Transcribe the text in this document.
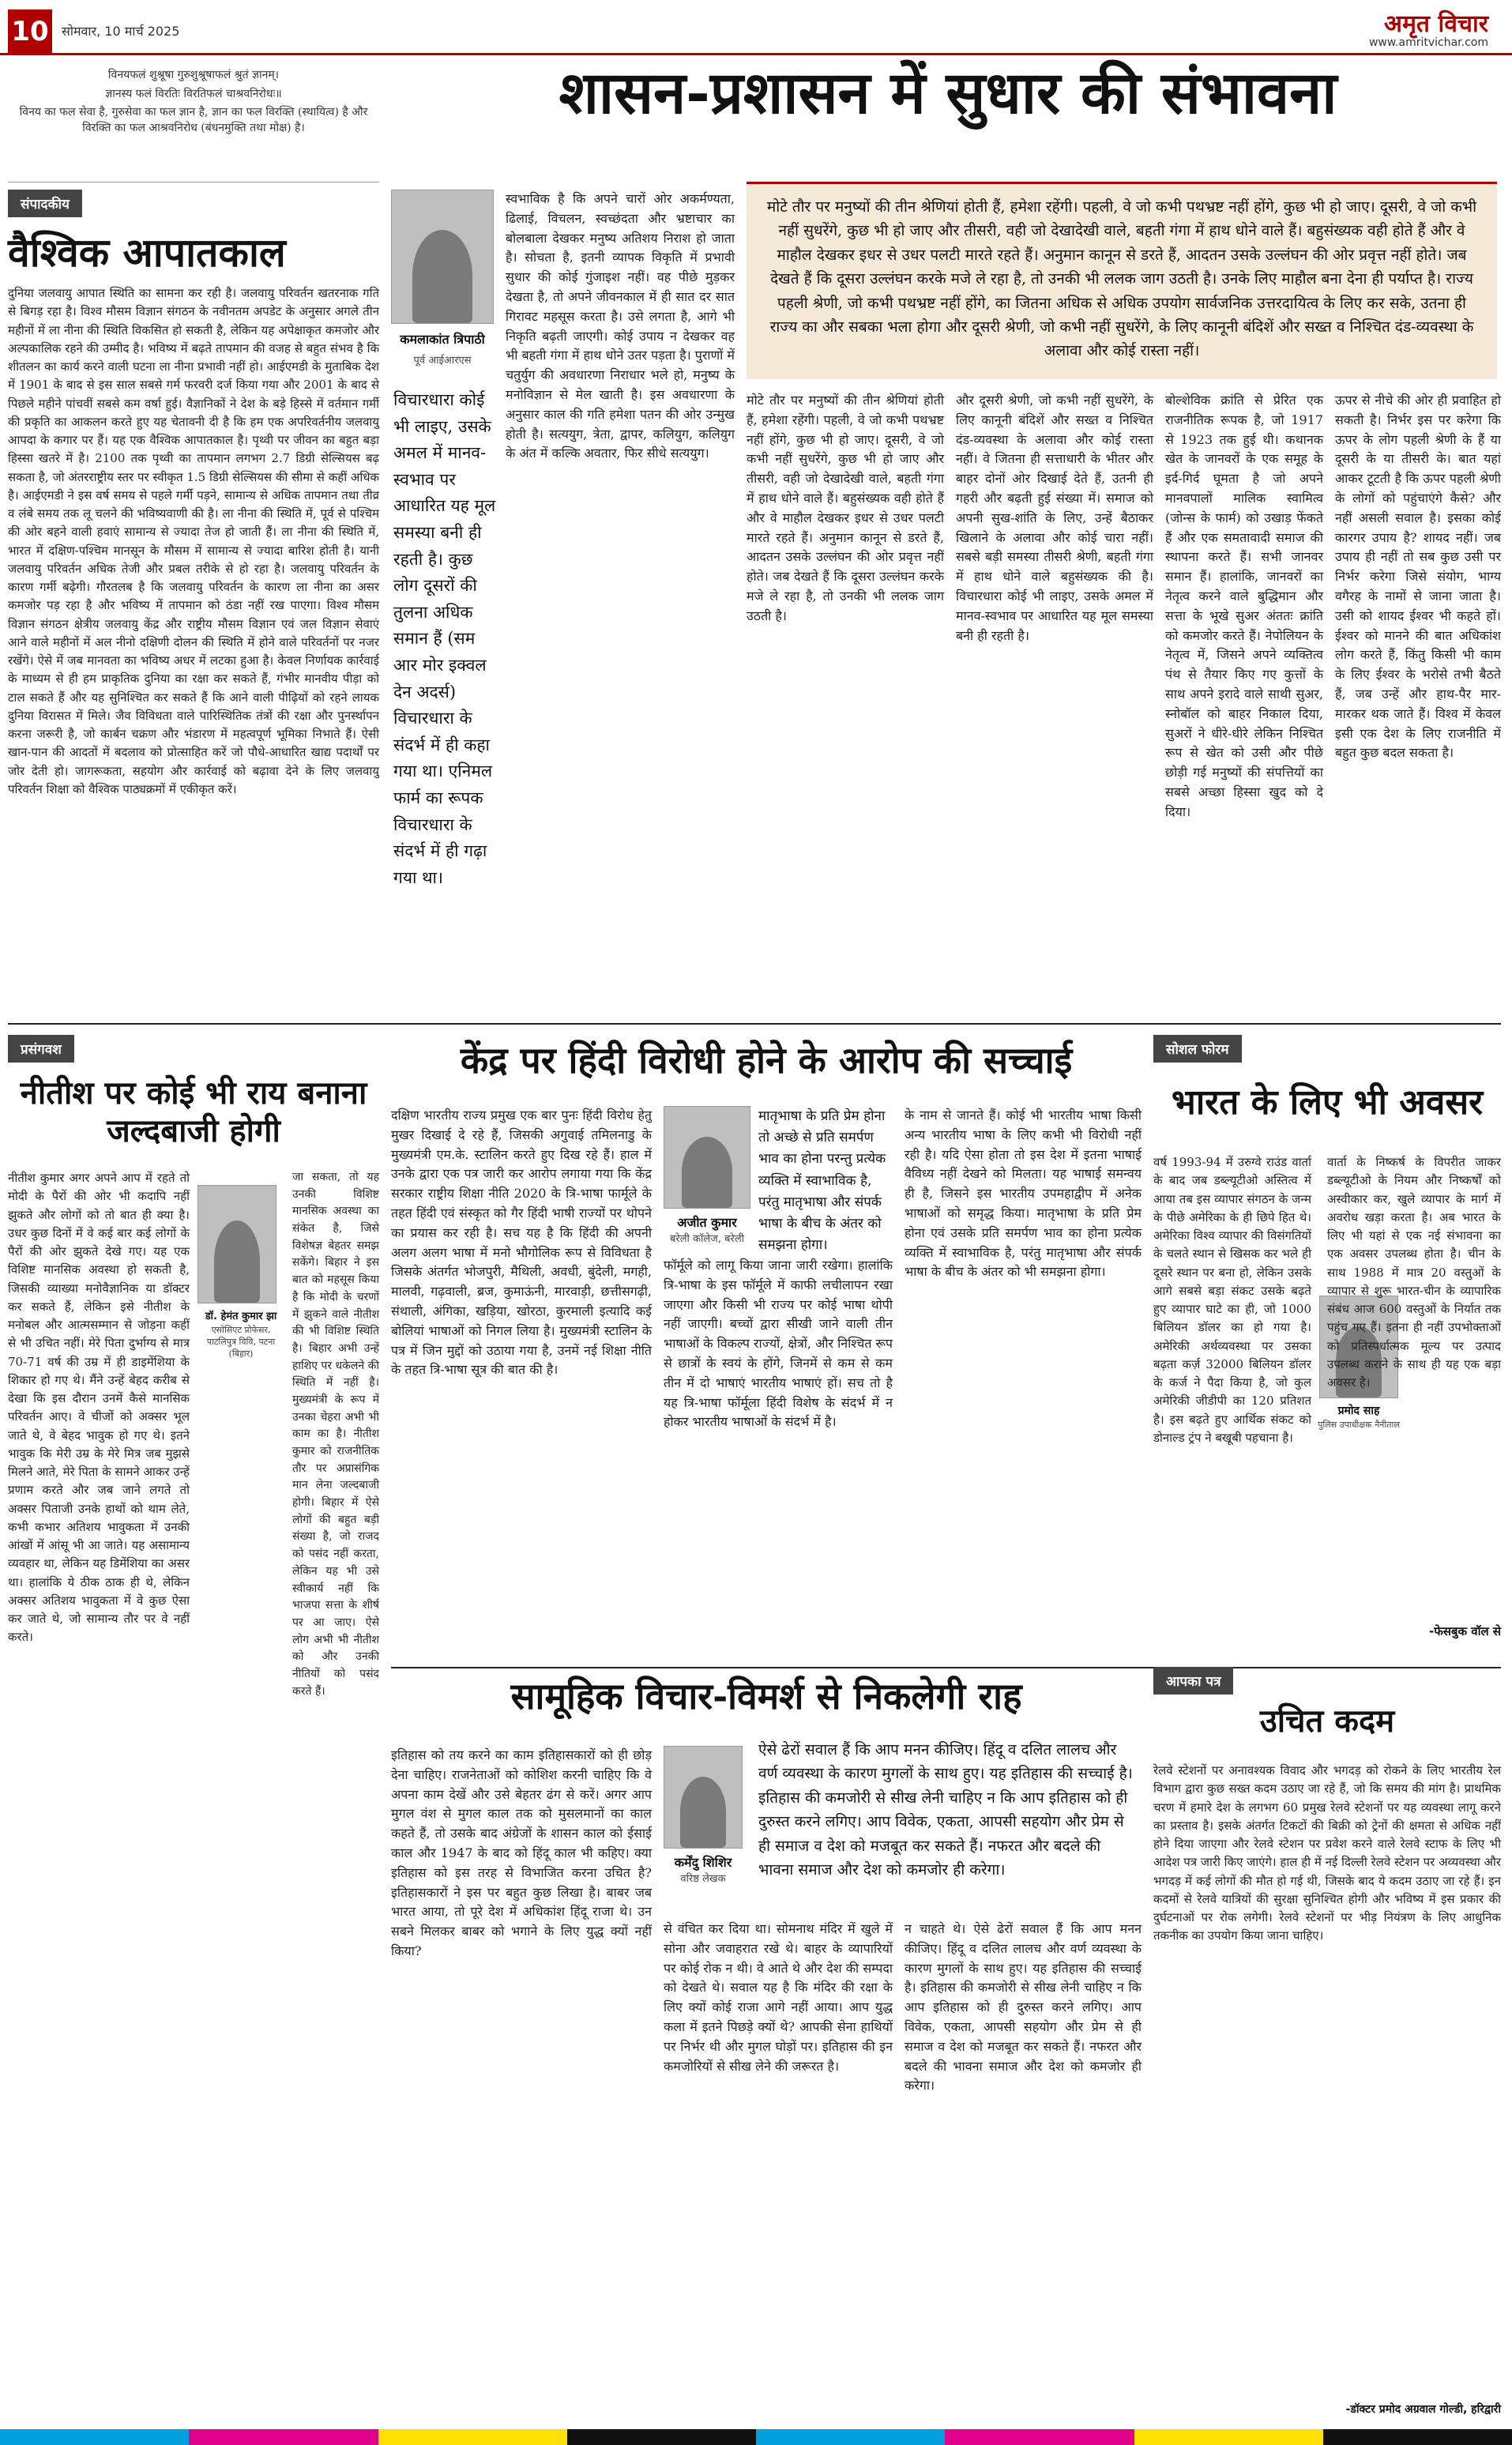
10 सोमवार, 10 मार्च 2025	अमृत विचार
www.amritvichar.com

विनयफलं शुश्रूषा गुरुशुश्रूषाफलं श्रुतं ज्ञानम्।

ज्ञानस्य फलं विरतिः विरतिफलं चाश्रवनिरोधः॥

विनय का फल सेवा है, गुरुसेवा का फल ज्ञान है, ज्ञान का फल विरक्ति (स्थायित्व) है और विरक्ति का फल आश्रवनिरोध (बंधनमुक्ति तथा मोक्ष) है।

शासन-प्रशासन में सुधार की संभावना
संपादकीय
वैश्विक आपातकाल
दुनिया जलवायु आपात स्थिति का सामना कर रही है। जलवायु परिवर्तन खतरनाक गति से बिगड़ रहा है। विश्व मौसम विज्ञान संगठन के नवीनतम अपडेट के अनुसार अगले तीन महीनों में ला नीना की स्थिति विकसित हो सकती है, लेकिन यह अपेक्षाकृत कमजोर और अल्पकालिक रहने की उम्मीद है। भविष्य में बढ़ते तापमान की वजह से बहुत संभव है कि शीतलन का कार्य करने वाली घटना ला नीना प्रभावी नहीं हो। आईएमडी के मुताबिक देश में 1901 के बाद से इस साल सबसे गर्म फरवरी दर्ज किया गया और 2001 के बाद से पिछले महीने पांचवीं सबसे कम वर्षा हुई। वैज्ञानिकों ने देश के बड़े हिस्से में वर्तमान गर्मी की प्रकृति का आकलन करते हुए यह चेतावनी दी है कि हम एक अपरिवर्तनीय जलवायु आपदा के कगार पर हैं। यह एक वैश्विक आपातकाल है। पृथ्वी पर जीवन का बहुत बड़ा हिस्सा खतरे में है। 2100 तक पृथ्वी का तापमान लगभग 2.7 डिग्री सेल्सियस बढ़ सकता है, जो अंतरराष्ट्रीय स्तर पर स्वीकृत 1.5 डिग्री सेल्सियस की सीमा से कहीं अधिक है। आईएमडी ने इस वर्ष समय से पहले गर्मी पड़ने, सामान्य से अधिक तापमान तथा तीव्र व लंबे समय तक लू चलने की भविष्यवाणी की है। ला नीना की स्थिति में, पूर्व से पश्चिम की ओर बहने वाली हवाएं सामान्य से ज्यादा तेज हो जाती हैं। ला नीना की स्थिति में, भारत में दक्षिण-पश्चिम मानसून के मौसम में सामान्य से ज्यादा बारिश होती है। यानी जलवायु परिवर्तन अधिक तेजी और प्रबल तरीके से हो रहा है। जलवायु परिवर्तन के कारण गर्मी बढ़ेगी। गौरतलब है कि जलवायु परिवर्तन के कारण ला नीना का असर कमजोर पड़ रहा है और भविष्य में तापमान को ठंडा नहीं रख पाएगा। विश्व मौसम विज्ञान संगठन क्षेत्रीय जलवायु केंद्र और राष्ट्रीय मौसम विज्ञान एवं जल विज्ञान सेवाएं आने वाले महीनों में अल नीनो दक्षिणी दोलन की स्थिति में होने वाले परिवर्तनों पर नजर रखेंगे। ऐसे में जब मानवता का भविष्य अधर में लटका हुआ है। केवल निर्णायक कार्रवाई के माध्यम से ही हम प्राकृतिक दुनिया का रक्षा कर सकते हैं, गंभीर मानवीय पीड़ा को टाल सकते हैं और यह सुनिश्चित कर सकते हैं कि आने वाली पीढ़ियों को रहने लायक दुनिया विरासत में मिले। जैव विविधता वाले पारिस्थितिक तंत्रों की रक्षा और पुनर्स्थापन करना जरूरी है, जो कार्बन चक्रण और भंडारण में महत्वपूर्ण भूमिका निभाते हैं। ऐसी खान-पान की आदतों में बदलाव को प्रोत्साहित करें जो पौधे-आधारित खाद्य पदार्थों पर जोर देती हो। जागरूकता, सहयोग और कार्रवाई को बढ़ावा देने के लिए जलवायु परिवर्तन शिक्षा को वैश्विक पाठ्यक्रमों में एकीकृत करें।
कमलाकांत त्रिपाठी
पूर्व आईआरएस
विचारधारा कोई भी लाइए, उसके अमल में मानव-स्वभाव पर आधारित यह मूल समस्या बनी ही रहती है। कुछ लोग दूसरों की तुलना अधिक समान हैं (सम आर मोर इक्वल देन अदर्स) विचारधारा के संदर्भ में ही कहा गया था। एनिमल फार्म का रूपक विचारधारा के संदर्भ में ही गढ़ा गया था।
स्वभाविक है कि अपने चारों ओर अकर्मण्यता, ढिलाई, विचलन, स्वच्छंदता और भ्रष्टाचार का बोलबाला देखकर मनुष्य अतिशय निराश हो जाता है। सोचता है, इतनी व्यापक विकृति में प्रभावी सुधार की कोई गुंजाइश नहीं। वह पीछे मुड़कर देखता है, तो अपने जीवनकाल में ही सात दर सात गिरावट महसूस करता है। उसे लगता है, आगे भी निकृति बढ़ती जाएगी। कोई उपाय न देखकर वह भी बहती गंगा में हाथ धोने उतर पड़ता है। पुराणों में चतुर्युग की अवधारणा निराधार भले हो, मनुष्य के मनोविज्ञान से मेल खाती है। इस अवधारणा के अनुसार काल की गति हमेशा पतन की ओर उन्मुख होती है। सत्ययुग, त्रेता, द्वापर, कलियुग, कलियुग के अंत में कल्कि अवतार, फिर सीधे सत्ययुग।
मोटे तौर पर मनुष्यों की तीन श्रेणियां होती हैं, हमेशा रहेंगी। पहली, वे जो कभी पथभ्रष्ट नहीं होंगे, कुछ भी हो जाए। दूसरी, वे जो कभी नहीं सुधरेंगे, कुछ भी हो जाए और तीसरी, वही जो देखादेखी वाले, बहती गंगा में हाथ धोने वाले हैं। बहुसंख्यक वही होते हैं और वे माहौल देखकर इधर से उधर पलटी मारते रहते हैं। अनुमान कानून से डरते हैं, आदतन उसके उल्लंघन की ओर प्रवृत्त नहीं होते। जब देखते हैं कि दूसरा उल्लंघन करके मजे ले रहा है, तो उनकी भी ललक जाग उठती है। उनके लिए माहौल बना देना ही पर्याप्त है। राज्य पहली श्रेणी, जो कभी पथभ्रष्ट नहीं होंगे, का जितना अधिक से अधिक उपयोग सार्वजनिक उत्तरदायित्व के लिए कर सके, उतना ही राज्य का और सबका भला होगा और दूसरी श्रेणी, जो कभी नहीं सुधरेंगे, के लिए कानूनी बंदिशें और सख्त व निश्चित दंड-व्यवस्था के अलावा और कोई रास्ता नहीं।
मोटे तौर पर मनुष्यों की तीन श्रेणियां होती हैं, हमेशा रहेंगी। पहली, वे जो कभी पथभ्रष्ट नहीं होंगे, कुछ भी हो जाए। दूसरी, वे जो कभी नहीं सुधरेंगे, कुछ भी हो जाए और तीसरी, वही जो देखादेखी वाले, बहती गंगा में हाथ धोने वाले हैं। बहुसंख्यक वही होते हैं और वे माहौल देखकर इधर से उधर पलटी मारते रहते हैं। अनुमान कानून से डरते हैं, आदतन उसके उल्लंघन की ओर प्रवृत्त नहीं होते। जब देखते हैं कि दूसरा उल्लंघन करके मजे ले रहा है, तो उनकी भी ललक जाग उठती है।
और दूसरी श्रेणी, जो कभी नहीं सुधरेंगे, के लिए कानूनी बंदिशें और सख्त व निश्चित दंड-व्यवस्था के अलावा और कोई रास्ता नहीं। वे जितना ही सत्ताधारी के भीतर और बाहर दोनों ओर दिखाई देते हैं, उतनी ही गहरी और बढ़ती हुई संख्या में। समाज को अपनी सुख-शांति के लिए, उन्हें बैठाकर खिलाने के अलावा और कोई चारा नहीं। सबसे बड़ी समस्या तीसरी श्रेणी, बहती गंगा में हाथ धोने वाले बहुसंख्यक की है। विचारधारा कोई भी लाइए, उसके अमल में मानव-स्वभाव पर आधारित यह मूल समस्या बनी ही रहती है।
बोल्शेविक क्रांति से प्रेरित एक राजनीतिक रूपक है, जो 1917 से 1923 तक हुई थी। कथानक खेत के जानवरों के एक समूह के इर्द-गिर्द घूमता है जो अपने मानवपालों मालिक स्वामित्व (जोन्स के फार्म) को उखाड़ फेंकते हैं और एक समतावादी समाज की स्थापना करते हैं। सभी जानवर समान हैं। हालांकि, जानवरों का नेतृत्व करने वाले बुद्धिमान और सत्ता के भूखे सुअर अंततः क्रांति को कमजोर करते हैं। नेपोलियन के नेतृत्व में, जिसने अपने व्यक्तित्व पंथ से तैयार किए गए कुत्तों के साथ अपने इरादे वाले साथी सुअर, स्नोबॉल को बाहर निकाल दिया, सुअरों ने धीरे-धीरे लेकिन निश्चित रूप से खेत को उसी और पीछे छोड़ी गई मनुष्यों की संपत्तियों का सबसे अच्छा हिस्सा खुद को दे दिया।
ऊपर से नीचे की ओर ही प्रवाहित हो सकती है। निर्भर इस पर करेगा कि ऊपर के लोग पहली श्रेणी के हैं या दूसरी के या तीसरी के। बात यहां आकर टूटती है कि ऊपर पहली श्रेणी के लोगों को पहुंचाएंगे कैसे? और नहीं असली सवाल है। इसका कोई कारगर उपाय है? शायद नहीं। जब उपाय ही नहीं तो सब कुछ उसी पर निर्भर करेगा जिसे संयोग, भाग्य वगैरह के नामों से जाना जाता है। उसी को शायद ईश्वर भी कहते हों। ईश्वर को मानने की बात अधिकांश लोग करते हैं, किंतु किसी भी काम के लिए ईश्वर के भरोसे तभी बैठते हैं, जब उन्हें और हाथ-पैर मार-मारकर थक जाते हैं। विश्व में केवल इसी एक देश के लिए राजनीति में बहुत कुछ बदल सकता है।
प्रसंगवश
नीतीश पर कोई भी राय बनाना जल्दबाजी होगी
नीतीश कुमार अगर अपने आप में रहते तो मोदी के पैरों की ओर भी कदापि नहीं झुकते और लोगों को तो बात ही क्या है। उधर कुछ दिनों में वे कई बार कई लोगों के पैरों की ओर झुकते देखे गए। यह एक विशिष्ट मानसिक अवस्था हो सकती है, जिसकी व्याख्या मनोवैज्ञानिक या डॉक्टर कर सकते हैं, लेकिन इसे नीतीश के मनोबल और आत्मसम्मान से जोड़ना कहीं से भी उचित नहीं। मेरे पिता दुर्भाग्य से मात्र 70-71 वर्ष की उम्र में ही डाइमेंशिया के शिकार हो गए थे। मैंने उन्हें बेहद करीब से देखा कि इस दौरान उनमें कैसे मानसिक परिवर्तन आए। वे चीजों को अक्सर भूल जाते थे, वे बेहद भावुक हो गए थे। इतने भावुक कि मेरी उम्र के मेरे मित्र जब मुझसे मिलने आते, मेरे पिता के सामने आकर उन्हें प्रणाम करते और जब जाने लगते तो अक्सर पिताजी उनके हाथों को थाम लेते, कभी कभार अतिशय भावुकता में उनकी आंखों में आंसू भी आ जाते। यह असामान्य व्यवहार था, लेकिन यह डिमेंशिया का असर था। हालांकि ये ठीक ठाक ही थे, लेकिन अक्सर अतिशय भावुकता में वे कुछ ऐसा कर जाते थे, जो सामान्य तौर पर वे नहीं करते।
डॉ. हेमंत कुमार झा
एसोसिएट प्रोफेसर, पाटलिपुत्र विवि, पटना (बिहार)
जा सकता, तो यह उनकी विशिष्ट मानसिक अवस्था का संकेत है, जिसे विशेषज्ञ बेहतर समझ सकेंगे। बिहार ने इस बात को महसूस किया है कि मोदी के चरणों में झुकने वाले नीतीश की भी विशिष्ट स्थिति है। बिहार अभी उन्हें हाशिए पर धकेलने की स्थिति में नहीं है। मुख्यमंत्री के रूप में उनका चेहरा अभी भी काम का है। नीतीश कुमार को राजनीतिक तौर पर अप्रासंगिक मान लेना जल्दबाजी होगी। बिहार में ऐसे लोगों की बहुत बड़ी संख्या है, जो राजद को पसंद नहीं करता, लेकिन यह भी उसे स्वीकार्य नहीं कि भाजपा सत्ता के शीर्ष पर आ जाए। ऐसे लोग अभी भी नीतीश को और उनकी नीतियों को पसंद करते हैं।
केंद्र पर हिंदी विरोधी होने के आरोप की सच्चाई
दक्षिण भारतीय राज्य प्रमुख एक बार पुनः हिंदी विरोध हेतु मुखर दिखाई दे रहे हैं, जिसकी अगुवाई तमिलनाडु के मुख्यमंत्री एम.के. स्टालिन करते हुए दिख रहे हैं। हाल में उनके द्वारा एक पत्र जारी कर आरोप लगाया गया कि केंद्र सरकार राष्ट्रीय शिक्षा नीति 2020 के त्रि-भाषा फार्मूले के तहत हिंदी एवं संस्कृत को गैर हिंदी भाषी राज्यों पर थोपने का प्रयास कर रही है। सच यह है कि हिंदी की अपनी अलग अलग भाषा में मनो भौगोलिक रूप से विविधता है जिसके अंतर्गत भोजपुरी, मैथिली, अवधी, बुंदेली, मगही, मालवी, गढ़वाली, ब्रज, कुमाऊंनी, मारवाड़ी, छत्तीसगढ़ी, संथाली, अंगिका, खड़िया, खोरठा, कुरमाली इत्यादि कई बोलियां भाषाओं को निगल लिया है। मुख्यमंत्री स्टालिन के पत्र में जिन मुद्दों को उठाया गया है, उनमें नई शिक्षा नीति के तहत त्रि-भाषा सूत्र की बात की है।
अजीत कुमार
बरेली कॉलेज, बरेली
मातृभाषा के प्रति प्रेम होना तो अच्छे से प्रति समर्पण भाव का होना परन्तु प्रत्येक व्यक्ति में स्वाभाविक है, परंतु मातृभाषा और संपर्क भाषा के बीच के अंतर को समझना होगा।
फॉर्मूले को लागू किया जाना जारी रखेगा। हालांकि त्रि-भाषा के इस फॉर्मूले में काफी लचीलापन रखा जाएगा और किसी भी राज्य पर कोई भाषा थोपी नहीं जाएगी। बच्चों द्वारा सीखी जाने वाली तीन भाषाओं के विकल्प राज्यों, क्षेत्रों, और निश्चित रूप से छात्रों के स्वयं के होंगे, जिनमें से कम से कम तीन में दो भाषाएं भारतीय भाषाएं हों। सच तो है यह त्रि-भाषा फॉर्मूला हिंदी विशेष के संदर्भ में न होकर भारतीय भाषाओं के संदर्भ में है।
के नाम से जानते हैं। कोई भी भारतीय भाषा किसी अन्य भारतीय भाषा के लिए कभी भी विरोधी नहीं रही है। यदि ऐसा होता तो इस देश में इतना भाषाई वैविध्य नहीं देखने को मिलता। यह भाषाई समन्वय ही है, जिसने इस भारतीय उपमहाद्वीप में अनेक भाषाओं को समृद्ध किया। मातृभाषा के प्रति प्रेम होना एवं उसके प्रति समर्पण भाव का होना प्रत्येक व्यक्ति में स्वाभाविक है, परंतु मातृभाषा और संपर्क भाषा के बीच के अंतर को भी समझना होगा।
सोशल फोरम
भारत के लिए भी अवसर
वर्ष 1993-94 में उरुग्वे राउंड वार्ता के बाद जब डब्ल्यूटीओ अस्तित्व में आया तब इस व्यापार संगठन के जन्म के पीछे अमेरिका के ही छिपे हित थे। अमेरिका विश्व व्यापार की विसंगतियों के चलते स्थान से खिसक कर भले ही दूसरे स्थान पर बना हो, लेकिन उसके आगे सबसे बड़ा संकट उसके बढ़ते हुए व्यापार घाटे का ही, जो 1000 बिलियन डॉलर का हो गया है। अमेरिकी अर्थव्यवस्था पर उसका बढ़ता कर्ज़ 32000 बिलियन डॉलर के कर्ज ने पैदा किया है, जो कुल अमेरिकी जीडीपी का 120 प्रतिशत है। इस बढ़ते हुए आर्थिक संकट को डोनाल्ड ट्रंप ने बखूबी पहचाना है।
प्रमोद साह
पुलिस उपाधीक्षक नैनीताल
वार्ता के निष्कर्ष के विपरीत जाकर डब्ल्यूटीओ के नियम और निष्कर्षों को अस्वीकार कर, खुले व्यापार के मार्ग में अवरोध खड़ा करता है। अब भारत के लिए भी यहां से एक नई संभावना का एक अवसर उपलब्ध होता है। चीन के साथ 1988 में मात्र 20 वस्तुओं के व्यापार से शुरू भारत-चीन के व्यापारिक संबंध आज 600 वस्तुओं के निर्यात तक पहुंच गए हैं। इतना ही नहीं उपभोक्ताओं को प्रतिस्पर्धात्मक मूल्य पर उत्पाद उपलब्ध कराने के साथ ही यह एक बड़ा अवसर है।
-फेसबुक वॉल से
सामूहिक विचार-विमर्श से निकलेगी राह
इतिहास को तय करने का काम इतिहासकारों को ही छोड़ देना चाहिए। राजनेताओं को कोशिश करनी चाहिए कि वे अपना काम देखें और उसे बेहतर ढंग से करें। अगर आप मुगल वंश से मुगल काल तक को मुसलमानों का काल कहते हैं, तो उसके बाद अंग्रेजों के शासन काल को ईसाई काल और 1947 के बाद को हिंदू काल भी कहिए। क्या इतिहास को इस तरह से विभाजित करना उचित है? इतिहासकारों ने इस पर बहुत कुछ लिखा है। बाबर जब भारत आया, तो पूरे देश में अधिकांश हिंदू राजा थे। उन सबने मिलकर बाबर को भगाने के लिए युद्ध क्यों नहीं किया?
कर्मेंदु शिशिर
वरिष्ठ लेखक
ऐसे ढेरों सवाल हैं कि आप मनन कीजिए। हिंदू व दलित लालच और वर्ण व्यवस्था के कारण मुगलों के साथ हुए। यह इतिहास की सच्चाई है। इतिहास की कमजोरी से सीख लेनी चाहिए न कि आप इतिहास को ही दुरुस्त करने लगिए। आप विवेक, एकता, आपसी सहयोग और प्रेम से ही समाज व देश को मजबूत कर सकते हैं। नफरत और बदले की भावना समाज और देश को कमजोर ही करेगा।
से वंचित कर दिया था। सोमनाथ मंदिर में खुले में सोना और जवाहरात रखे थे। बाहर के व्यापारियों पर कोई रोक न थी। वे आते थे और देश की सम्पदा को देखते थे। सवाल यह है कि मंदिर की रक्षा के लिए क्यों कोई राजा आगे नहीं आया। आप युद्ध कला में इतने पिछड़े क्यों थे? आपकी सेना हाथियों पर निर्भर थी और मुगल घोड़ों पर। इतिहास की इन कमजोरियों से सीख लेने की जरूरत है।
न चाहते थे। ऐसे ढेरों सवाल हैं कि आप मनन कीजिए। हिंदू व दलित लालच और वर्ण व्यवस्था के कारण मुगलों के साथ हुए। यह इतिहास की सच्चाई है। इतिहास की कमजोरी से सीख लेनी चाहिए न कि आप इतिहास को ही दुरुस्त करने लगिए। आप विवेक, एकता, आपसी सहयोग और प्रेम से ही समाज व देश को मजबूत कर सकते हैं। नफरत और बदले की भावना समाज और देश को कमजोर ही करेगा।
आपका पत्र
उचित कदम
रेलवे स्टेशनों पर अनावश्यक विवाद और भगदड़ को रोकने के लिए भारतीय रेल विभाग द्वारा कुछ सख्त कदम उठाए जा रहे हैं, जो कि समय की मांग है। प्राथमिक चरण में हमारे देश के लगभग 60 प्रमुख रेलवे स्टेशनों पर यह व्यवस्था लागू करने का प्रस्ताव है। इसके अंतर्गत टिकटों की बिक्री को ट्रेनों की क्षमता से अधिक नहीं होने दिया जाएगा और रेलवे स्टेशन पर प्रवेश करने वाले रेलवे स्टाफ के लिए भी आदेश पत्र जारी किए जाएंगे। हाल ही में नई दिल्ली रेलवे स्टेशन पर अव्यवस्था और भगदड़ में कई लोगों की मौत हो गई थी, जिसके बाद ये कदम उठाए जा रहे हैं। इन कदमों से रेलवे यात्रियों की सुरक्षा सुनिश्चित होगी और भविष्य में इस प्रकार की दुर्घटनाओं पर रोक लगेगी। रेलवे स्टेशनों पर भीड़ नियंत्रण के लिए आधुनिक तकनीक का उपयोग किया जाना चाहिए।
-डॉक्टर प्रमोद अग्रवाल गोल्डी, हरिद्वारी
